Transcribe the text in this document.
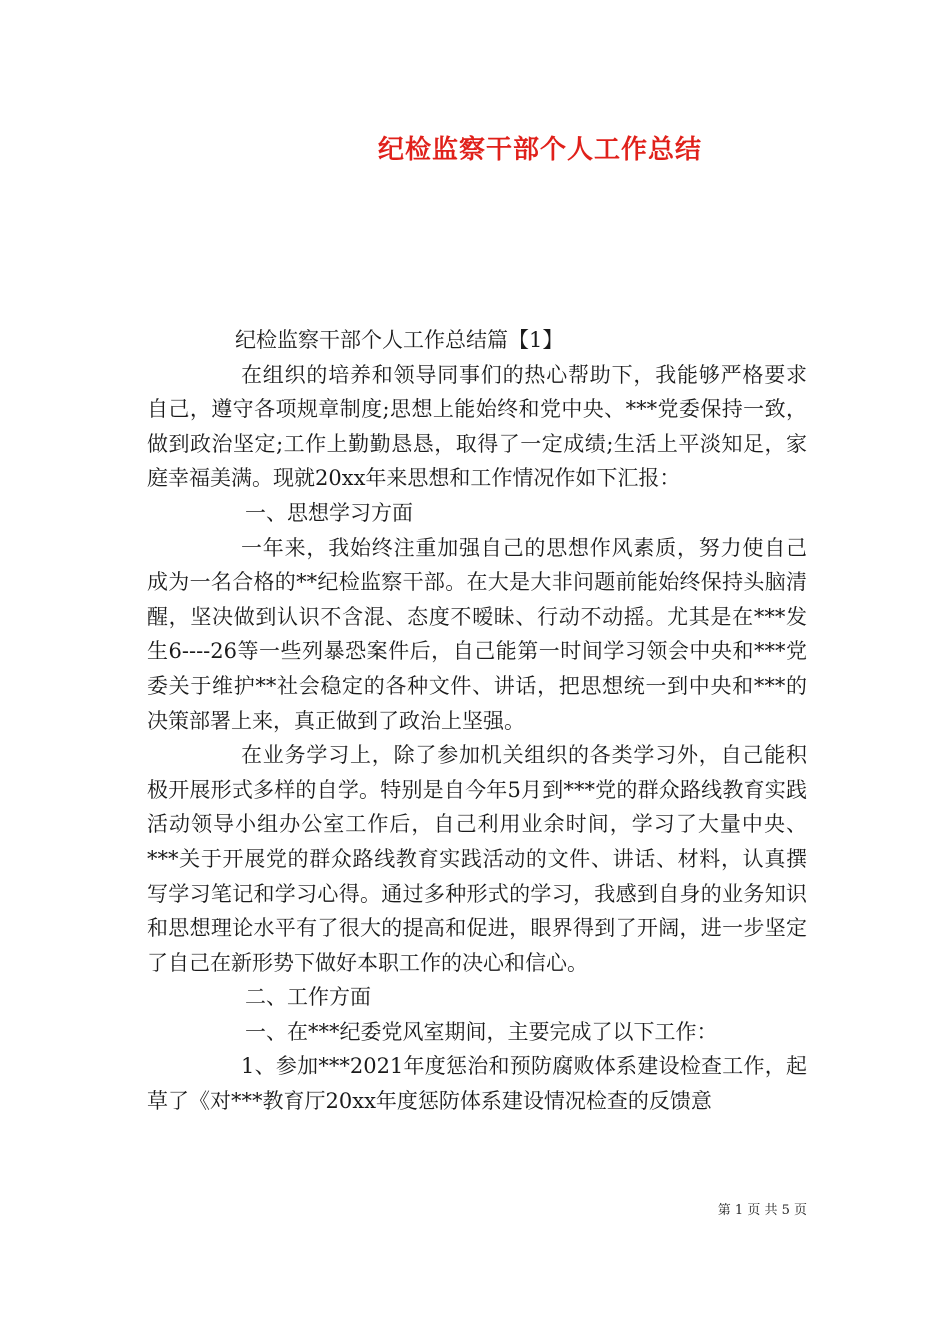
纪检监察干部个人工作总结

纪检监察干部个人工作总结篇【1】

在组织的培养和领导同事们的热心帮助下，我能够严格要求自己，遵守各项规章制度;思想上能始终和党中央、***党委保持一致，做到政治坚定;工作上勤勤恳恳，取得了一定成绩;生活上平淡知足，家庭幸福美满。现就20xx年来思想和工作情况作如下汇报：

一、思想学习方面

一年来，我始终注重加强自己的思想作风素质，努力使自己成为一名合格的**纪检监察干部。在大是大非问题前能始终保持头脑清醒，坚决做到认识不含混、态度不暧昧、行动不动摇。尤其是在***发生6----26等一些列暴恐案件后，自己能第一时间学习领会中央和***党委关于维护**社会稳定的各种文件、讲话，把思想统一到中央和***的决策部署上来，真正做到了政治上坚强。

在业务学习上，除了参加机关组织的各类学习外，自己能积极开展形式多样的自学。特别是自今年5月到***党的群众路线教育实践活动领导小组办公室工作后，自己利用业余时间，学习了大量中央、***关于开展党的群众路线教育实践活动的文件、讲话、材料，认真撰写学习笔记和学习心得。通过多种形式的学习，我感到自身的业务知识和思想理论水平有了很大的提高和促进，眼界得到了开阔，进一步坚定了自己在新形势下做好本职工作的决心和信心。

二、工作方面

一、在***纪委党风室期间，主要完成了以下工作：

1、参加***2021年度惩治和预防腐败体系建设检查工作，起草了《对***教育厅20xx年度惩防体系建设情况检查的反馈意

第 1 页 共 5 页
